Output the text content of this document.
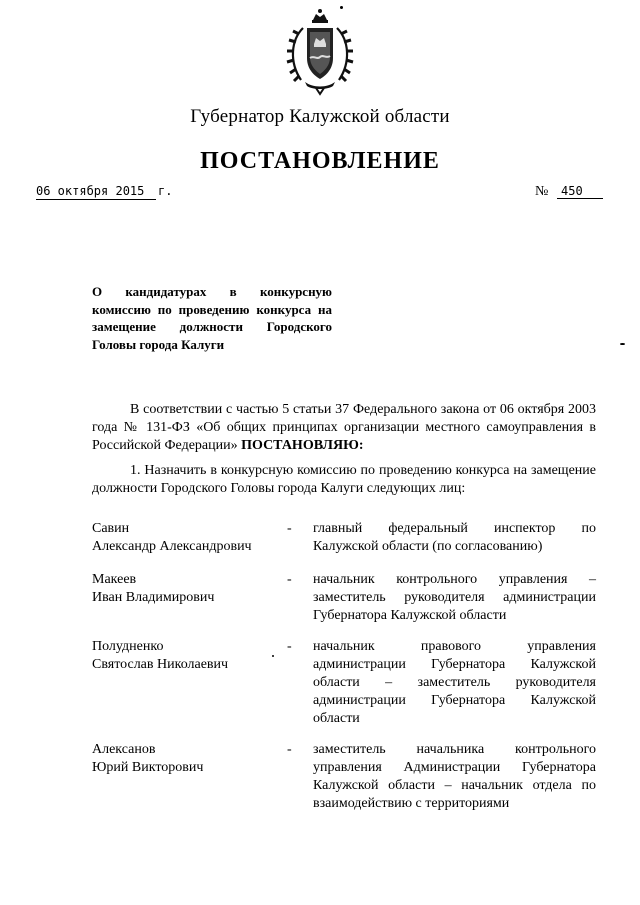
Губернатор Калужской области
ПОСТАНОВЛЕНИЕ
06 октября 2015	г.	№	450
О кандидатурах в конкурсную комиссию по проведению конкурса на замещение должности Городского Головы города Калуги
В соответствии с частью 5 статьи 37 Федерального закона от 06 октября 2003 года № 131-ФЗ «Об общих принципах организации местного самоуправления в Российской Федерации» ПОСТАНОВЛЯЮ:
1. Назначить в конкурсную комиссию по проведению конкурса на замещение должности Городского Головы города Калуги следующих лиц:
Савин
Александр Александрович
- главный федеральный инспектор по Калужской области (по согласованию)
Макеев
Иван Владимирович
- начальник контрольного управления – заместитель руководителя администрации Губернатора Калужской области
Полудненко
Святослав Николаевич
- начальник правового управления администрации Губернатора Калужской области – заместитель руководителя администрации Губернатора Калужской области
Алексанов
Юрий Викторович
- заместитель начальника контрольного управления Администрации Губернатора Калужской области – начальник отдела по взаимодействию с территориями
